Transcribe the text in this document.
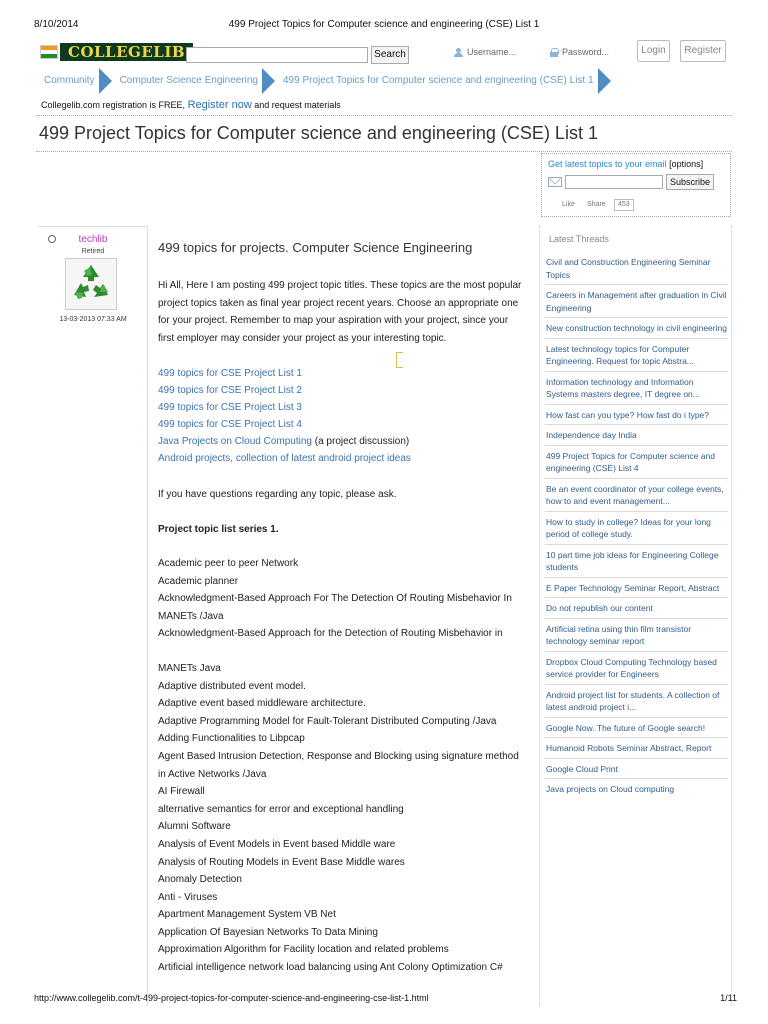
8/10/2014	499 Project Topics for Computer science and engineering (CSE) List 1
http://www.collegelib.com/t-499-project-topics-for-computer-science-and-engineering-cse-list-1.html	1/11
COLLEGELIB	Search	Username...	Password...	Login	Register
Community	Computer Science Engineering	499 Project Topics for Computer science and engineering (CSE) List 1
Collegelib.com registration is FREE, Register now and request materials
499 Project Topics for Computer science and engineering (CSE) List 1
Get latest topics to your email [options]
Subscribe
Like Share	453
techlib
Retired
13-03-2013 07:33 AM
499 topics for projects. Computer Science Engineering
Hi All, Here I am posting 499 project topic titles. These topics are the most popular project topics taken as final year project recent years. Choose an appropriate one for your project. Remember to map your aspiration with your project, since your first employer may consider your project as your interesting topic.
499 topics for CSE Project List 1
499 topics for CSE Project List 2
499 topics for CSE Project List 3
499 topics for CSE Project List 4
Java Projects on Cloud Computing (a project discussion)
Android projects, collection of latest android project ideas
If you have questions regarding any topic, please ask.
Project topic list series 1.
Academic peer to peer Network
Academic planner
Acknowledgment-Based Approach For The Detection Of Routing Misbehavior In MANETs /Java
Acknowledgment-Based Approach for the Detection of Routing Misbehavior in
MANETs Java
Adaptive distributed event model.
Adaptive event based middleware architecture.
Adaptive Programming Model for Fault-Tolerant Distributed Computing /Java
Adding Functionalities to Libpcap
Agent Based Intrusion Detection, Response and Blocking using signature method in Active Networks /Java
AI Firewall
alternative semantics for error and exceptional handling
Alumni Software
Analysis of Event Models in Event based Middle ware
Analysis of Routing Models in Event Base Middle wares
Anomaly Detection
Anti - Viruses
Apartment Management System VB Net
Application Of Bayesian Networks To Data Mining
Approximation Algorithm for Facility location and related problems
Artificial intelligence network load balancing using Ant Colony Optimization C#
Latest Threads
Civil and Construction Engineering Seminar Topics
Careers in Management after graduation in Civil Engineering
New construction technology in civil engineering
Latest technology topics for Computer Engineering. Request for topic Abstra...
Information technology and Information Systems masters degree, IT degree on...
How fast can you type? How fast do i type?
Independence day India
499 Project Topics for Computer science and engineering (CSE) List 4
Be an event coordinator of your college events, how to and event management...
How to study in college? Ideas for your long period of college study.
10 part time job ideas for Engineering College students
E Paper Technology Seminar Report, Abstract
Do not republish our content
Artificial retina using thin film transistor technology seminar report
Dropbox Cloud Computing Technology based service provider for Engineers
Android project list for students. A collection of latest android project i...
Google Now. The future of Google search!
Humanoid Robots Seminar Abstract, Report
Google Cloud Print
Java projects on Cloud computing
